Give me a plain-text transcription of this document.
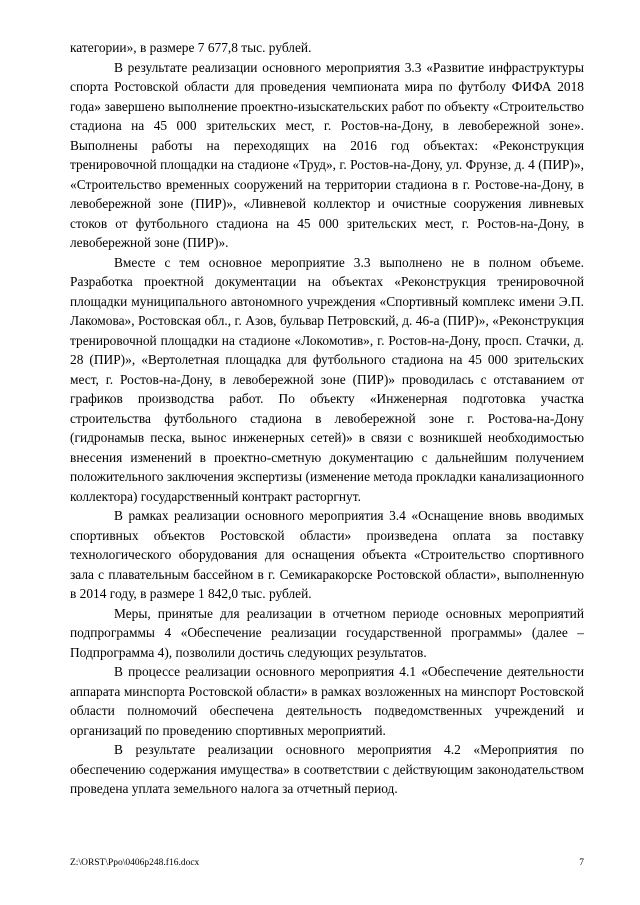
категории», в размере 7 677,8 тыс. рублей.

В результате реализации основного мероприятия 3.3 «Развитие инфраструктуры спорта Ростовской области для проведения чемпионата мира по футболу ФИФА 2018 года» завершено выполнение проектно-изыскательских работ по объекту «Строительство стадиона на 45 000 зрительских мест, г. Ростов-на-Дону, в левобережной зоне». Выполнены работы на переходящих на 2016 год объектах: «Реконструкция тренировочной площадки на стадионе «Труд», г. Ростов-на-Дону, ул. Фрунзе, д. 4 (ПИР)», «Строительство временных сооружений на территории стадиона в г. Ростове-на-Дону, в левобережной зоне (ПИР)», «Ливневой коллектор и очистные сооружения ливневых стоков от футбольного стадиона на 45 000 зрительских мест, г. Ростов-на-Дону, в левобережной зоне (ПИР)».

Вместе с тем основное мероприятие 3.3 выполнено не в полном объеме. Разработка проектной документации на объектах «Реконструкция тренировочной площадки муниципального автономного учреждения «Спортивный комплекс имени Э.П. Лакомова», Ростовская обл., г. Азов, бульвар Петровский, д. 46-а (ПИР)», «Реконструкция тренировочной площадки на стадионе «Локомотив», г. Ростов-на-Дону, просп. Стачки, д. 28 (ПИР)», «Вертолетная площадка для футбольного стадиона на 45 000 зрительских мест, г. Ростов-на-Дону, в левобережной зоне (ПИР)» проводилась с отставанием от графиков производства работ. По объекту «Инженерная подготовка участка строительства футбольного стадиона в левобережной зоне г. Ростова-на-Дону (гидронамыв песка, вынос инженерных сетей)» в связи с возникшей необходимостью внесения изменений в проектно-сметную документацию с дальнейшим получением положительного заключения экспертизы (изменение метода прокладки канализационного коллектора) государственный контракт расторгнут.

В рамках реализации основного мероприятия 3.4 «Оснащение вновь вводимых спортивных объектов Ростовской области» произведена оплата за поставку технологического оборудования для оснащения объекта «Строительство спортивного зала с плавательным бассейном в г. Семикаракорске Ростовской области», выполненную в 2014 году, в размере 1 842,0 тыс. рублей.

Меры, принятые для реализации в отчетном периоде основных мероприятий подпрограммы 4 «Обеспечение реализации государственной программы» (далее – Подпрограмма 4), позволили достичь следующих результатов.

В процессе реализации основного мероприятия 4.1 «Обеспечение деятельности аппарата минспорта Ростовской области» в рамках возложенных на минспорт Ростовской области полномочий обеспечена деятельность подведомственных учреждений и организаций по проведению спортивных мероприятий.

В результате реализации основного мероприятия 4.2 «Мероприятия по обеспечению содержания имущества» в соответствии с действующим законодательством проведена уплата земельного налога за отчетный период.

Z:\ORST\Ppo\0406p248.f16.docx	7
